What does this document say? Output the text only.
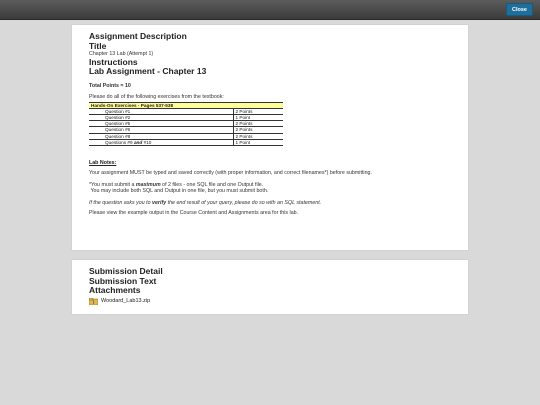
Close

Assignment Description

Title

Chapter 13 Lab (Attempt 1)

Instructions

Lab Assignment - Chapter 13

Total Points = 10

Please do all of the following exercises from the textbook:

Hands-On Exercises - Pages 537-538	
Question #1	2 Points
Question #2	1 Point
Question #5	2 Points
Question #6	2 Points
Question #8	2 Points
Questions #9 and #10	1 Point

Lab Notes:

Your assignment MUST be typed and saved correctly (with proper information, and correct filenames*) before submitting.

*You must submit a maximum of 2 files - one SQL file and one Output file.

You may include both SQL and Output in one file, but you must submit both.

If the question asks you to verify the end result of your query, please do so with an SQL statement.

Please view the example output in the Course Content and Assignments area for this lab.

Submission Detail

Submission Text

Attachments

Woodard_Lab13.zip
